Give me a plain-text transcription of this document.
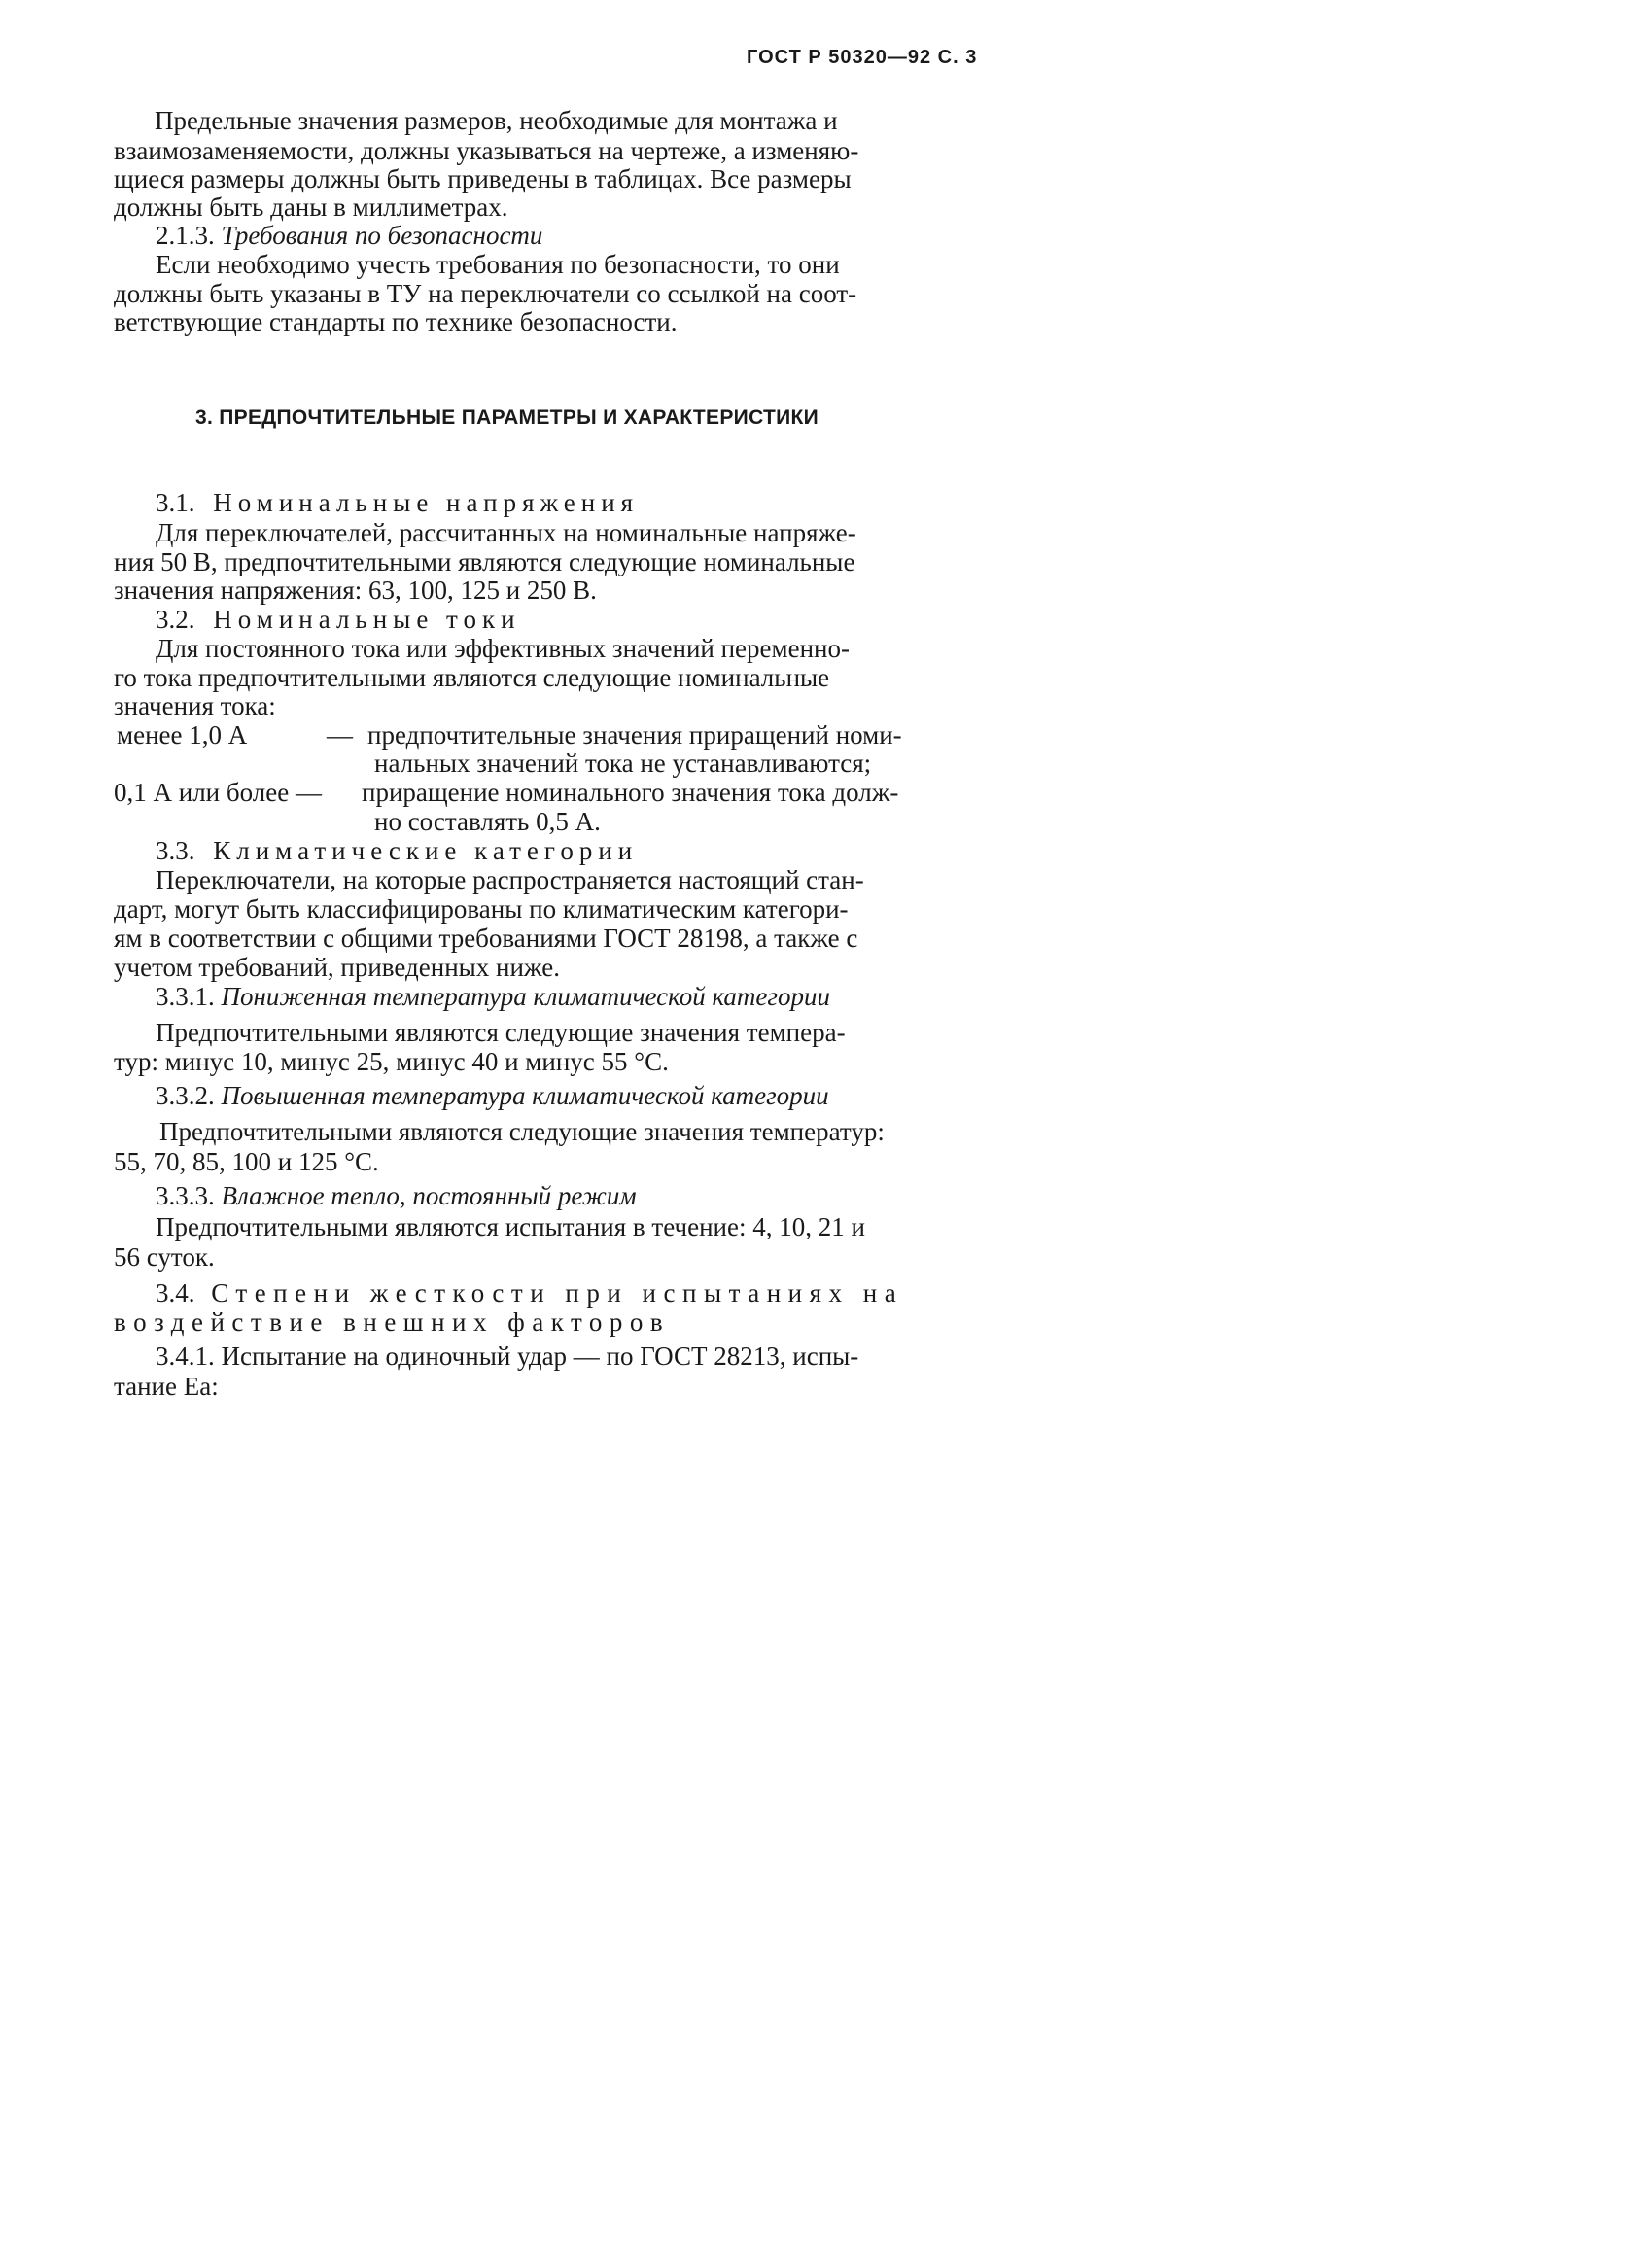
ГОСТ Р 50320—92 С. 3
Предельные значения размеров, необходимые для монтажа и
взаимозаменяемости, должны указываться на чертеже, а изменяю-
щиеся размеры должны быть приведены в таблицах. Все размеры
должны быть даны в миллиметрах.
2.1.3. Требования по безопасности
Если необходимо учесть требования по безопасности, то они
должны быть указаны в ТУ на переключатели со ссылкой на соот-
ветствующие стандарты по технике безопасности.
3. ПРЕДПОЧТИТЕЛЬНЫЕ ПАРАМЕТРЫ И ХАРАКТЕРИСТИКИ
3.1. Номинальные напряжения
Для переключателей, рассчитанных на номинальные напряже-
ния 50 В, предпочтительными являются следующие номинальные
значения напряжения: 63, 100, 125 и 250 В.
3.2. Номинальные токи
Для постоянного тока или эффективных значений переменно-
го тока предпочтительными являются следующие номинальные
значения тока:
менее 1,0 А	— предпочтительные значения приращений номи-
нальных значений тока не устанавливаются;
0,1 А или более — приращение номинального значения тока долж-
но составлять 0,5 А.
3.3. Климатические категории
Переключатели, на которые распространяется настоящий стан-
дарт, могут быть классифицированы по климатическим категори-
ям в соответствии с общими требованиями ГОСТ 28198, а также с
учетом требований, приведенных ниже.
3.3.1. Пониженная температура климатической категории
Предпочтительными являются следующие значения темпера-
тур: минус 10, минус 25, минус 40 и минус 55 °С.
3.3.2. Повышенная температура климатической категории
Предпочтительными являются следующие значения температур:
55, 70, 85, 100 и 125 °С.
3.3.3. Влажное тепло, постоянный режим
Предпочтительными являются испытания в течение: 4, 10, 21 и
56 суток.
3.4. Степени жесткости при испытаниях на
воздействие внешних факторов
3.4.1. Испытание на одиночный удар — по ГОСТ 28213, испы-
тание Еа:
